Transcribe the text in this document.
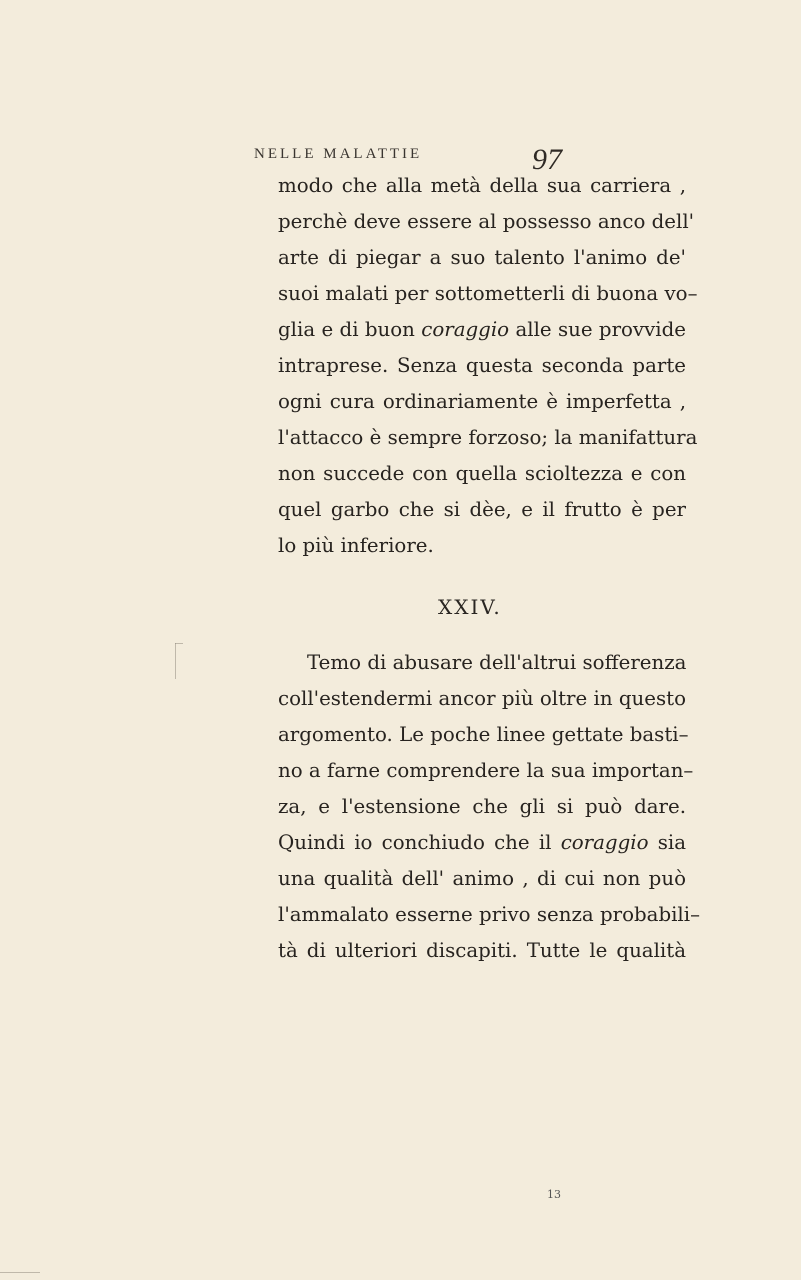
NELLE MALATTIE	97
modo che alla metà della sua carriera ,
perchè deve essere al possesso anco dell'
arte di piegar a suo talento l'animo de'
suoi malati per sottometterli di buona vo–
glia e di buon coraggio alle sue provvide
intraprese. Senza questa seconda parte
ogni cura ordinariamente è imperfetta ,
l'attacco è sempre forzoso; la manifattura
non succede con quella scioltezza e con
quel garbo che si dèe, e il frutto è per
lo più inferiore.
XXIV.
Temo di abusare dell'altrui sofferenza
coll'estendermi ancor più oltre in questo
argomento. Le poche linee gettate basti–
no a farne comprendere la sua importan–
za, e l'estensione che gli si può dare.
Quindi io conchiudo che il coraggio sia
una qualità dell' animo , di cui non può
l'ammalato esserne privo senza probabili–
tà di ulteriori discapiti. Tutte le qualità
13
